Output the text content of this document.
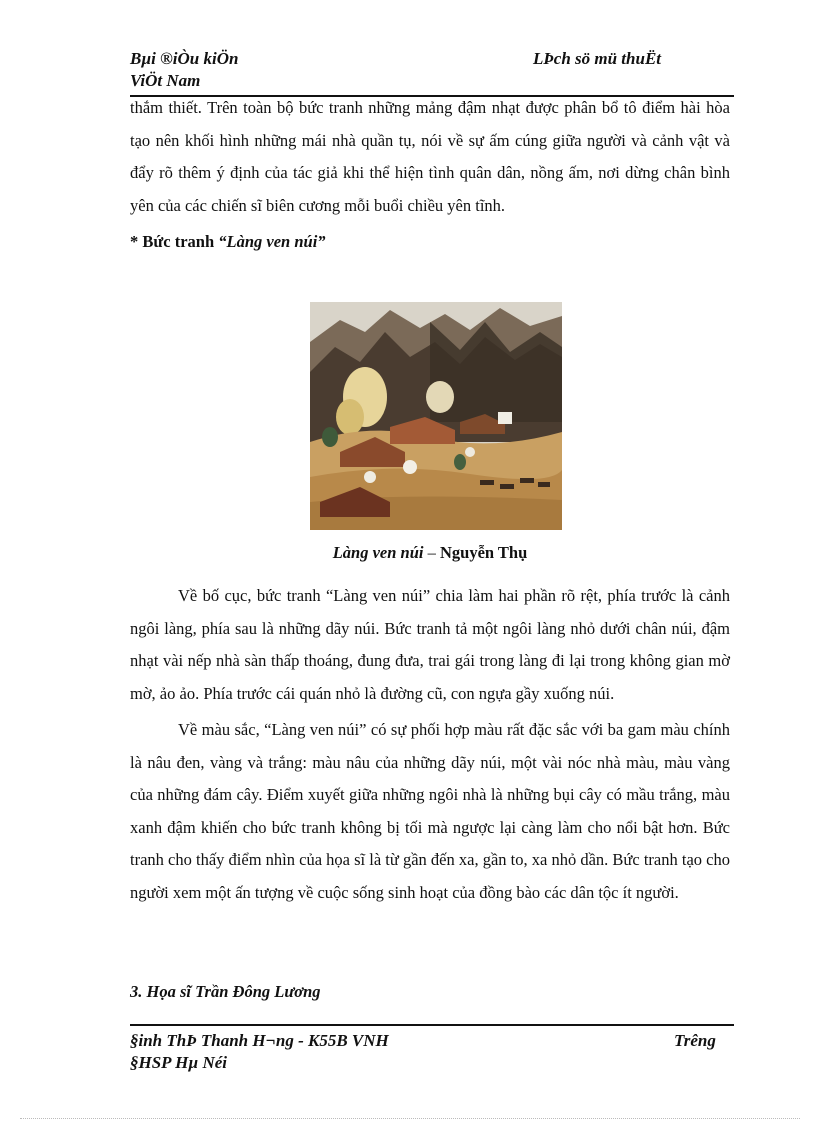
Bµi ®iÒu kiÖn
ViÖt Nam
LÞch sö mü thuËt

thắm thiết. Trên toàn bộ bức tranh những mảng đậm nhạt được phân bổ tô điểm hài hòa tạo nên khối hình những mái nhà quần tụ, nói về sự ấm cúng giữa người và cảnh vật và đẩy rõ thêm ý định của tác giả khi thể hiện tình quân dân, nồng ấm, nơi dừng chân bình yên của các chiến sĩ biên cương mỗi buổi chiều yên tĩnh.

* Bức tranh “Làng ven núi”

Làng ven núi – Nguyễn Thụ

Về bố cục, bức tranh “Làng ven núi” chia làm hai phần rõ rệt, phía trước là cảnh ngôi làng, phía sau là những dãy núi. Bức tranh tả một ngôi làng nhỏ dưới chân núi, đậm nhạt vài nếp nhà sàn thấp thoáng, đung đưa, trai gái trong làng đi lại trong không gian mờ mờ, ảo ảo. Phía trước cái quán nhỏ là đường cũ, con ngựa gầy xuống núi.

Về màu sắc, “Làng ven núi” có sự phối hợp màu rất đặc sắc với ba gam màu chính là nâu đen, vàng và trắng: màu nâu của những dãy núi, một vài nóc nhà màu, màu vàng của những đám cây. Điểm xuyết giữa những ngôi nhà là những bụi cây có mầu trắng, màu xanh đậm khiến cho bức tranh không bị tối mà ngược lại càng làm cho nổi bật hơn. Bức tranh cho thấy điểm nhìn của họa sĩ là từ gần đến xa, gần to, xa nhỏ dần. Bức tranh tạo cho người xem một ấn tượng về cuộc sống sinh hoạt của đồng bào các dân tộc ít người.

3. Họa sĩ Trần Đông Lương
§inh ThÞ Thanh H¬ng - K55B VNH
§HSP Hµ Néi
Trêng
